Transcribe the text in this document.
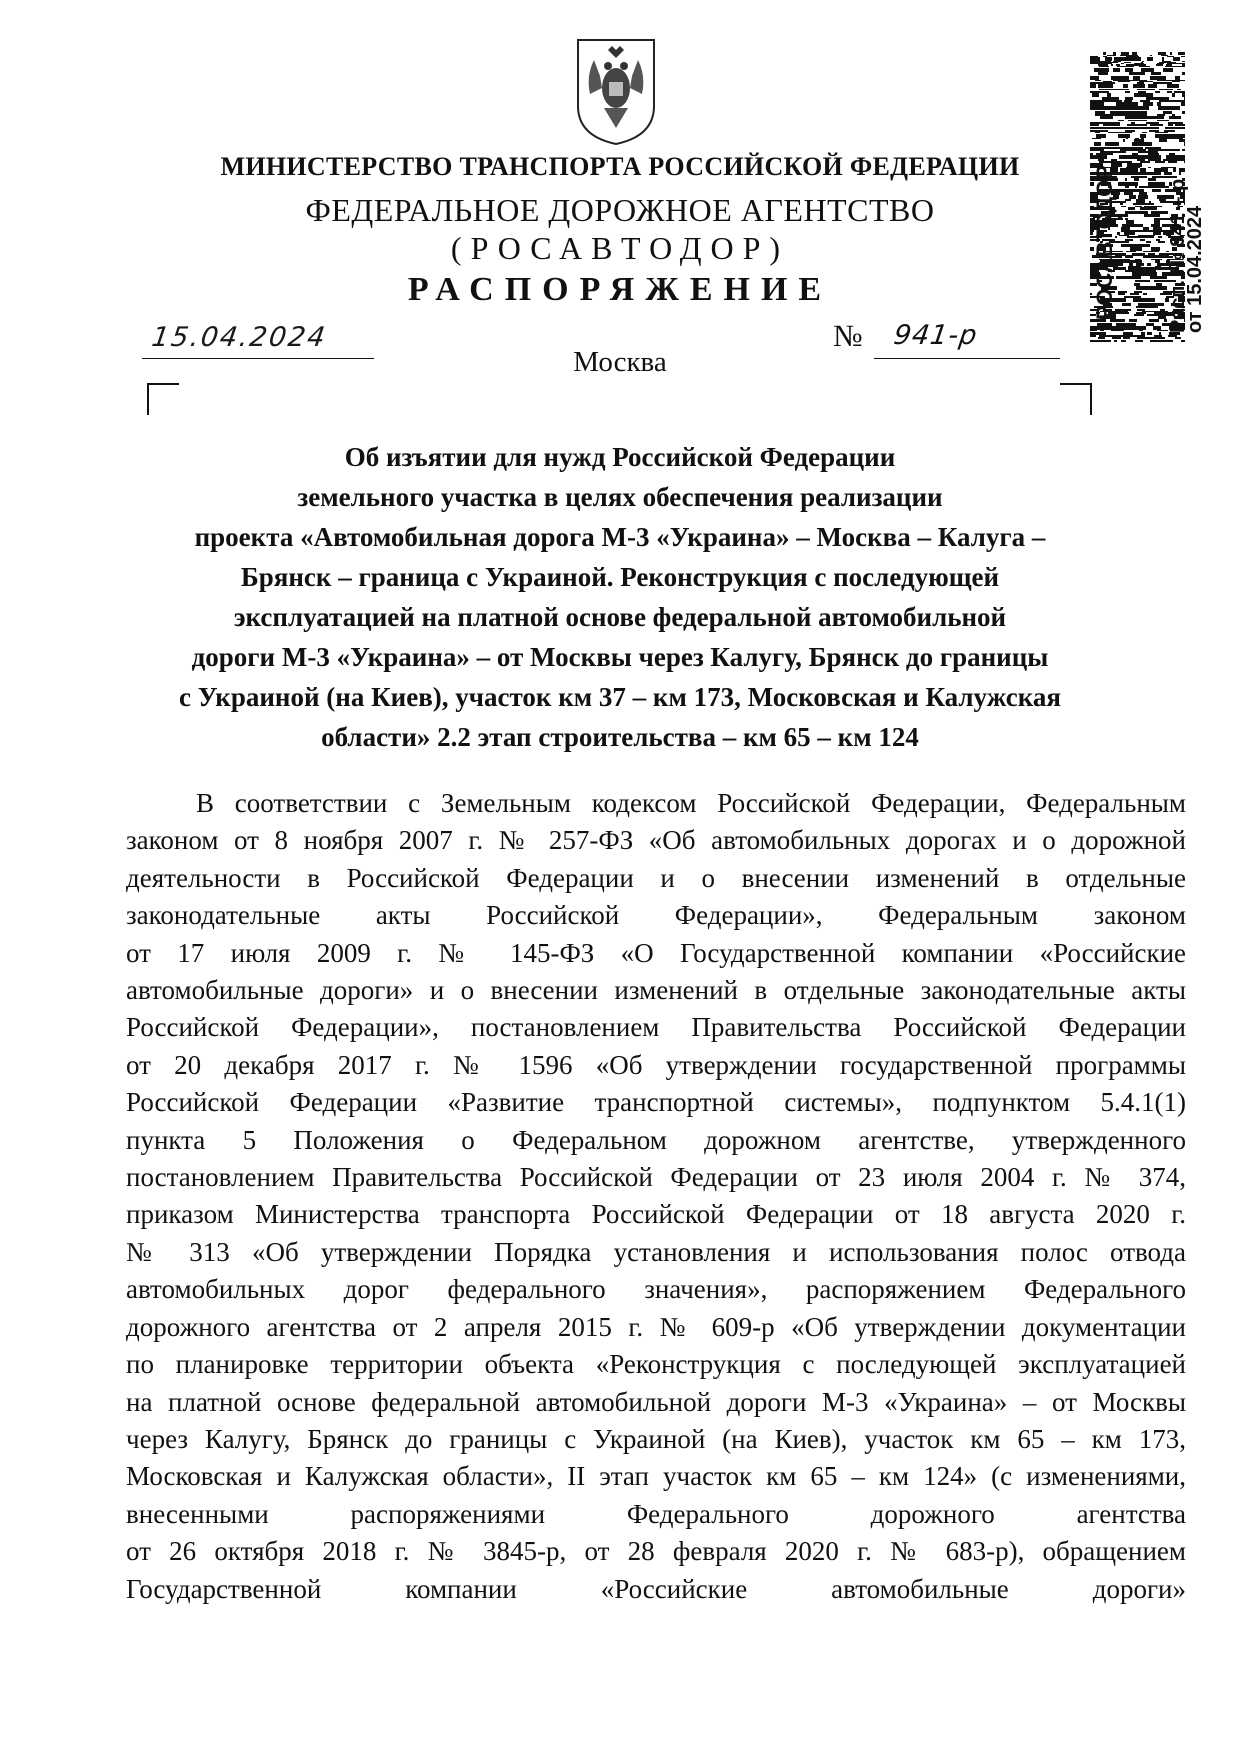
МИНИСТЕРСТВО ТРАНСПОРТА РОССИЙСКОЙ ФЕДЕРАЦИИ
ФЕДЕРАЛЬНОЕ ДОРОЖНОЕ АГЕНТСТВО
(РОСАВТОДОР)
РАСПОРЯЖЕНИЕ
15.04.2024	№ 941-р
Москва
РОСАВТОДОР	Расп. № 941 – р
от 15.04.2024
Об изъятии для нужд Российской Федерации
земельного участка в целях обеспечения реализации
проекта «Автомобильная дорога М-3 «Украина» – Москва – Калуга –
Брянск – граница с Украиной. Реконструкция с последующей
эксплуатацией на платной основе федеральной автомобильной
дороги М-3 «Украина» – от Москвы через Калугу, Брянск до границы
с Украиной (на Киев), участок км 37 – км 173, Московская и Калужская
области» 2.2 этап строительства – км 65 – км 124
В соответствии с Земельным кодексом Российской Федерации, Федеральным
законом от 8 ноября 2007 г. № 257-ФЗ «Об автомобильных дорогах и о дорожной
деятельности в Российской Федерации и о внесении изменений в отдельные
законодательные акты Российской Федерации», Федеральным законом
от 17 июля 2009 г. № 145-ФЗ «О Государственной компании «Российские
автомобильные дороги» и о внесении изменений в отдельные законодательные акты
Российской Федерации», постановлением Правительства Российской Федерации
от 20 декабря 2017 г. № 1596 «Об утверждении государственной программы
Российской Федерации «Развитие транспортной системы», подпунктом 5.4.1(1)
пункта 5 Положения о Федеральном дорожном агентстве, утвержденного
постановлением Правительства Российской Федерации от 23 июля 2004 г. № 374,
приказом Министерства транспорта Российской Федерации от 18 августа 2020 г.
№ 313 «Об утверждении Порядка установления и использования полос отвода
автомобильных дорог федерального значения», распоряжением Федерального
дорожного агентства от 2 апреля 2015 г. № 609-р «Об утверждении документации
по планировке территории объекта «Реконструкция с последующей эксплуатацией
на платной основе федеральной автомобильной дороги М-3 «Украина» – от Москвы
через Калугу, Брянск до границы с Украиной (на Киев), участок км 65 – км 173,
Московская и Калужская области», II этап участок км 65 – км 124» (с изменениями,
внесенными распоряжениями Федерального дорожного агентства
от 26 октября 2018 г. № 3845-р, от 28 февраля 2020 г. № 683-р), обращением
Государственной компании «Российские автомобильные дороги»
